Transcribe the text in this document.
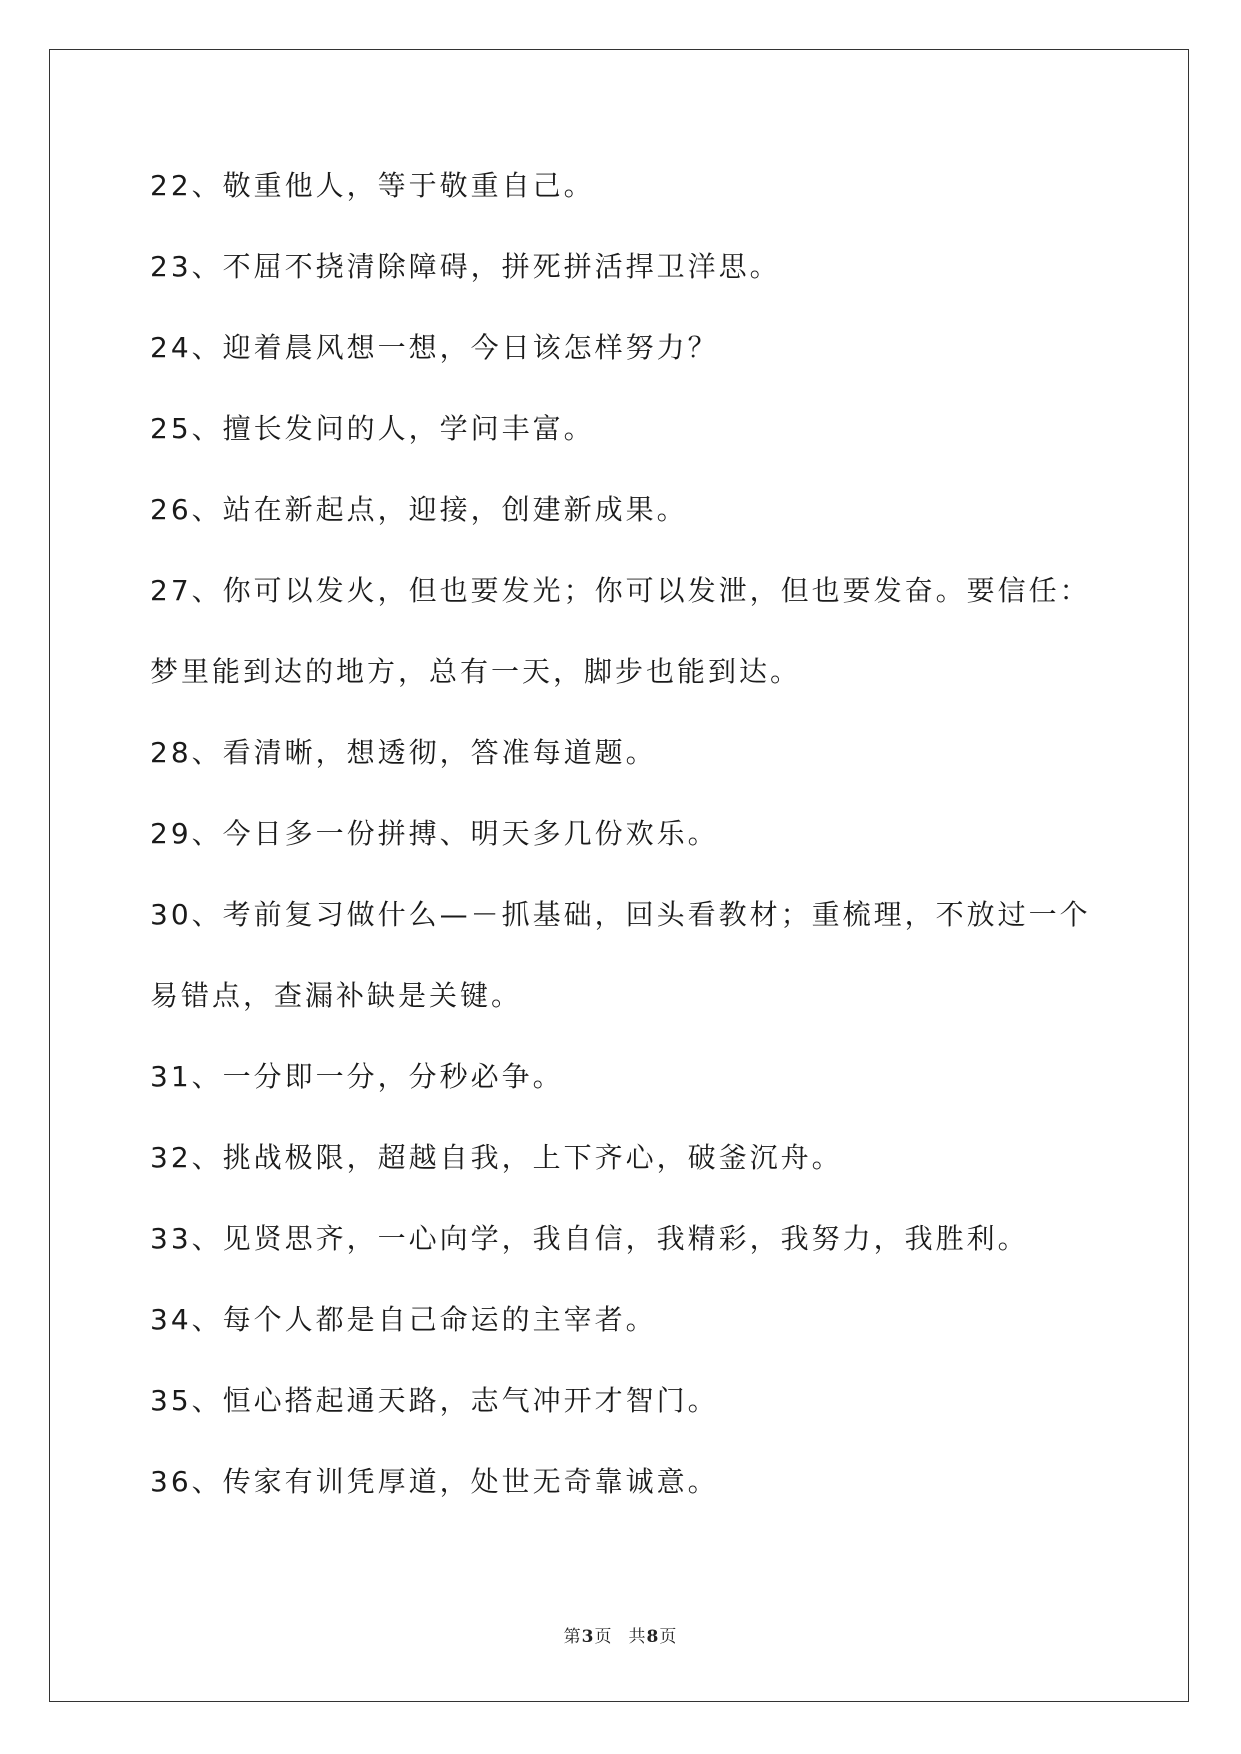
22、敬重他人，等于敬重自己。
23、不屈不挠清除障碍，拼死拼活捍卫洋思。
24、迎着晨风想一想，今日该怎样努力？
25、擅长发问的人，学问丰富。
26、站在新起点，迎接，创建新成果。
27、你可以发火，但也要发光；你可以发泄，但也要发奋。要信任：
梦里能到达的地方，总有一天，脚步也能到达。
28、看清晰，想透彻，答准每道题。
29、今日多一份拼搏、明天多几份欢乐。
30、考前复习做什么—－抓基础，回头看教材；重梳理，不放过一个
易错点，查漏补缺是关键。
31、一分即一分，分秒必争。
32、挑战极限，超越自我，上下齐心，破釜沉舟。
33、见贤思齐，一心向学，我自信，我精彩，我努力，我胜利。
34、每个人都是自己命运的主宰者。
35、恒心搭起通天路，志气冲开才智门。
36、传家有训凭厚道，处世无奇靠诚意。
第3页 共8页
